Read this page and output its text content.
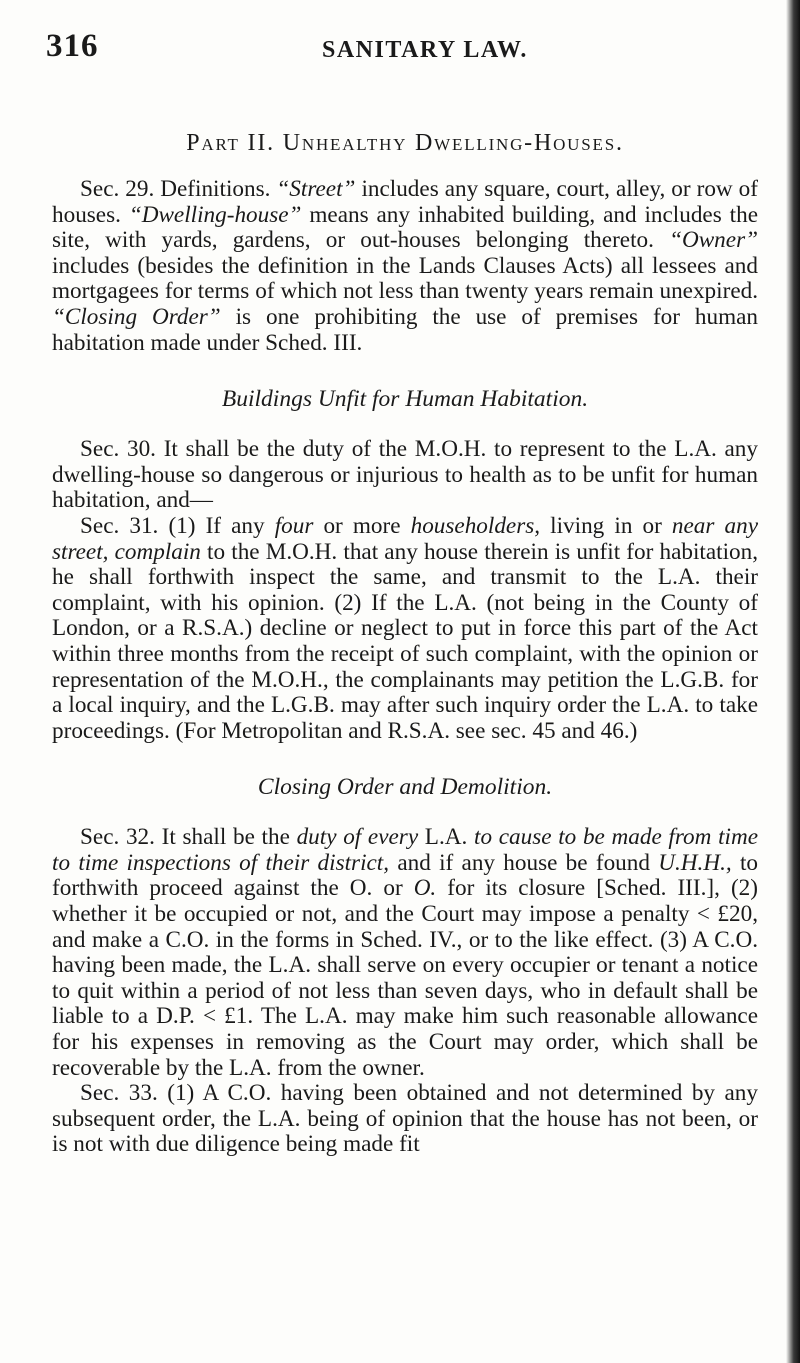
316	SANITARY LAW.
Part II. Unhealthy Dwelling-Houses.

Sec. 29. Definitions. “Street” includes any square, court, alley, or row of houses. “Dwelling-house” means any inhabited building, and includes the site, with yards, gardens, or out-houses belonging thereto. “Owner” includes (besides the definition in the Lands Clauses Acts) all lessees and mortgagees for terms of which not less than twenty years remain unexpired. “Closing Order” is one prohibiting the use of premises for human habitation made under Sched. III.

Buildings Unfit for Human Habitation.

Sec. 30. It shall be the duty of the M.O.H. to represent to the L.A. any dwelling-house so dangerous or injurious to health as to be unfit for human habitation, and—

Sec. 31. (1) If any four or more householders, living in or near any street, complain to the M.O.H. that any house therein is unfit for habitation, he shall forthwith inspect the same, and transmit to the L.A. their complaint, with his opinion. (2) If the L.A. (not being in the County of London, or a R.S.A.) decline or neglect to put in force this part of the Act within three months from the receipt of such complaint, with the opinion or representation of the M.O.H., the complainants may petition the L.G.B. for a local inquiry, and the L.G.B. may after such inquiry order the L.A. to take proceedings. (For Metropolitan and R.S.A. see sec. 45 and 46.)

Closing Order and Demolition.

Sec. 32. It shall be the duty of every L.A. to cause to be made from time to time inspections of their district, and if any house be found U.H.H., to forthwith proceed against the O. or O. for its closure [Sched. III.], (2) whether it be occupied or not, and the Court may impose a penalty < £20, and make a C.O. in the forms in Sched. IV., or to the like effect. (3) A C.O. having been made, the L.A. shall serve on every occupier or tenant a notice to quit within a period of not less than seven days, who in default shall be liable to a D.P. < £1. The L.A. may make him such reasonable allowance for his expenses in removing as the Court may order, which shall be recoverable by the L.A. from the owner.

Sec. 33. (1) A C.O. having been obtained and not determined by any subsequent order, the L.A. being of opinion that the house has not been, or is not with due diligence being made fit
